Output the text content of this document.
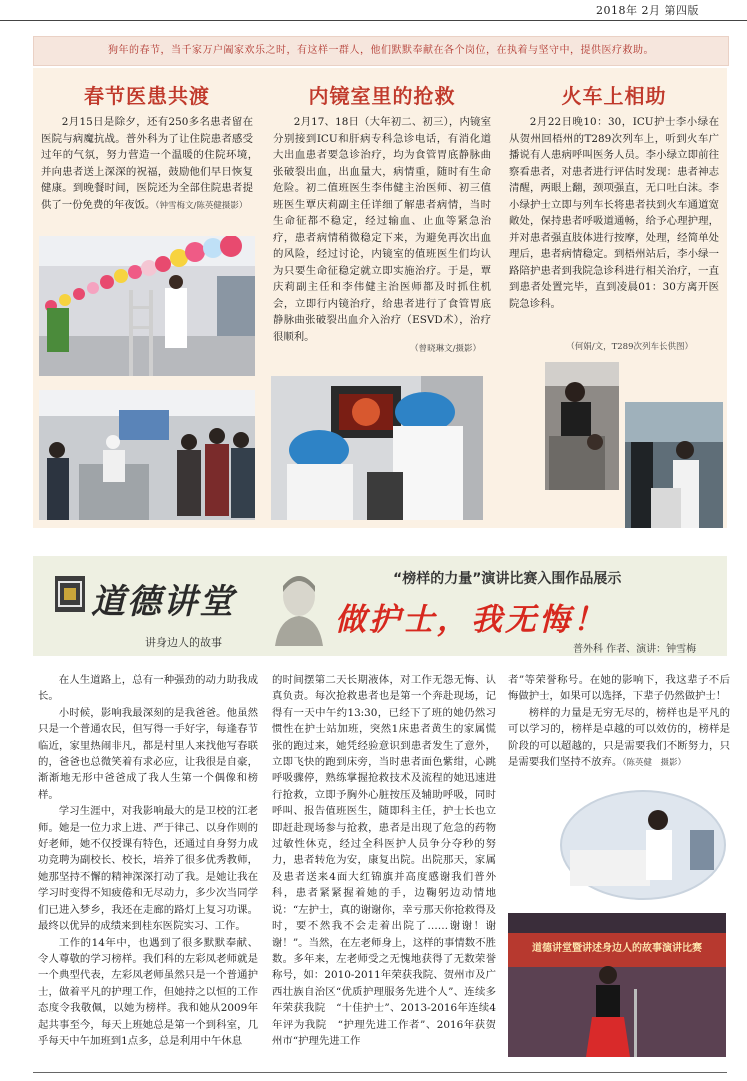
2018年 2月 第四版
狗年的春节，当千家万户阖家欢乐之时，有这样一群人，他们默默奉献在各个岗位，在执着与坚守中，提供医疗救助。
春节医患共渡

2月15日是除夕，还有250多名患者留在医院与病魔抗战。普外科为了让住院患者感受过年的气氛，努力营造一个温暖的住院环境，　　并向患者送上深深的祝福，鼓励他们早日恢复健康。到晚餐时间，医院还为全部住院患者提供了一份免费的年夜饭。（钟雪梅文/陈英健摄影）

内镜室里的抢救

2月17、18日（大年初二、初三），内镜室分别接到ICU和肝病专科急诊电话，有消化道大出血患者要急诊治疗，均为食管胃底静脉曲张破裂出血，出血量大，病情重，随时有生命危险。初二值班医生李伟健主治医师、初三值班医生覃庆莉副主任详细了解患者病情，当时生命征都不稳定，经过输血、止血等紧急治疗，患者病情稍微稳定下来，为避免再次出血的风险，经过讨论，内镜室的值班医生们均认为只要生命征稳定就立即实施治疗。于是，覃庆莉副主任和李伟健主治医师都及时抓住机会，立即行内镜治疗，给患者进行了食管胃底静脉曲张破裂出血介入治疗（ESVD术），治疗很顺利。

（曾晓琳文/摄影）
火车上相助

2月22日晚10：30，ICU护士李小绿在从贺州回梧州的T289次列车上，听到火车广播说有人患病呼叫医务人员。李小绿立即前往察看患者，对患者进行评估时发现：患者神志清醒，两眼上翻，颈项强直，无口吐白沫。李小绿护士立即与列车长将患者扶到火车通道宽敞处，保持患者呼吸道通畅，给予心理护理，并对患者强直肢体进行按摩，处理，经简单处理后，患者病情稳定。到梧州站后，李小绿一路陪护患者到我院急诊科进行相关治疗，一直到患者处置完毕，直到凌晨01：30方离开医院急诊科。

（何娟/文，T289次列车长供图）
道德讲堂
讲身边人的故事
“榜样的力量”演讲比赛入围作品展示
做护士，我无悔！
普外科 作者、演讲：钟雪梅

在人生道路上，总有一种强劲的动力助我成长。

小时候，影响我最深刻的是我爸爸。他虽然只是一个普通农民，但写得一手好字，每逢春节临近，家里热闹非凡，都是村里人来找他写春联的，爸爸也总微笑着有求必应，让我很是自豪，渐渐地无形中爸爸成了我人生第一个偶像和榜样。

学习生涯中，对我影响最大的是卫校的江老师。她是一位力求上进、严于律己、以身作则的好老师，她不仅授课有特色，还通过自身努力成功竞聘为副校长、校长，培养了很多优秀教师，她那坚持不懈的精神深深打动了我。是她让我在学习时变得不知疲倦和无尽动力，多少次当同学们已进入梦乡，我还在走廊的路灯上复习功课。最终以优异的成绩来到桂东医院实习、工作。

工作的14年中，也遇到了很多默默奉献、令人尊敬的学习榜样。我们科的左彩凤老师就是一个典型代表，左彩凤老师虽然只是一个普通护士，做着平凡的护理工作，但她持之以恒的工作态度令我敬佩，以她为榜样。我和她从2009年起共事至今，每天上班她总是第一个到科室，几乎每天中午加班到1点多，总是利用中午休息

的时间摆第二天长期液体，对工作无怨无悔、认真负责。每次抢救患者也是第一个奔赴现场，记得有一天中午约13:30，已经下了班的她仍然习惯性在护士站加班，突然1床患者黄生的家属慌张的跑过来，她凭经验意识到患者发生了意外，立即飞快的跑到床旁，当时患者面色紫绀，心跳呼吸骤停，熟练掌握抢救技术及流程的她迅速进行抢救，立即予胸外心脏按压及辅助呼吸，同时呼叫、报告值班医生，随即科主任，护士长也立即赶赴现场参与抢救，患者是出现了危急的药物过敏性休克，经过全科医护人员争分夺秒的努力，患者转危为安，康复出院。出院那天，家属及患者送来4面大红锦旗并高度感谢我们普外科，患者紧紧握着她的手，边鞠躬边动情地说：“左护士，真的谢谢你，幸亏那天你抢救得及时，要不然我不会走着出院了……谢谢！谢谢！”。当然，在左老师身上，这样的事情数不胜数。多年来，左老师受之无愧地获得了无数荣誉称号，如：2010-2011年荣获我院、贺州市及广西壮族自治区“优质护理服务先进个人”、连续多年荣获我院　“十佳护士”、2013-2016年连续4年评为我院　“护理先进工作者”、2016年获贺州市“护理先进工作

者”等荣誉称号。在她的影响下，我这辈子不后悔做护士，如果可以选择，下辈子仍然做护士！

榜样的力量是无穷无尽的，榜样也是平凡的可以学习的，榜样是卓越的可以效仿的，榜样是阶段的可以超越的，只是需要我们不断努力，只是需要我们坚持不放弃。（陈英健　摄影）

道德讲堂暨讲述身边人的故事演讲比赛
